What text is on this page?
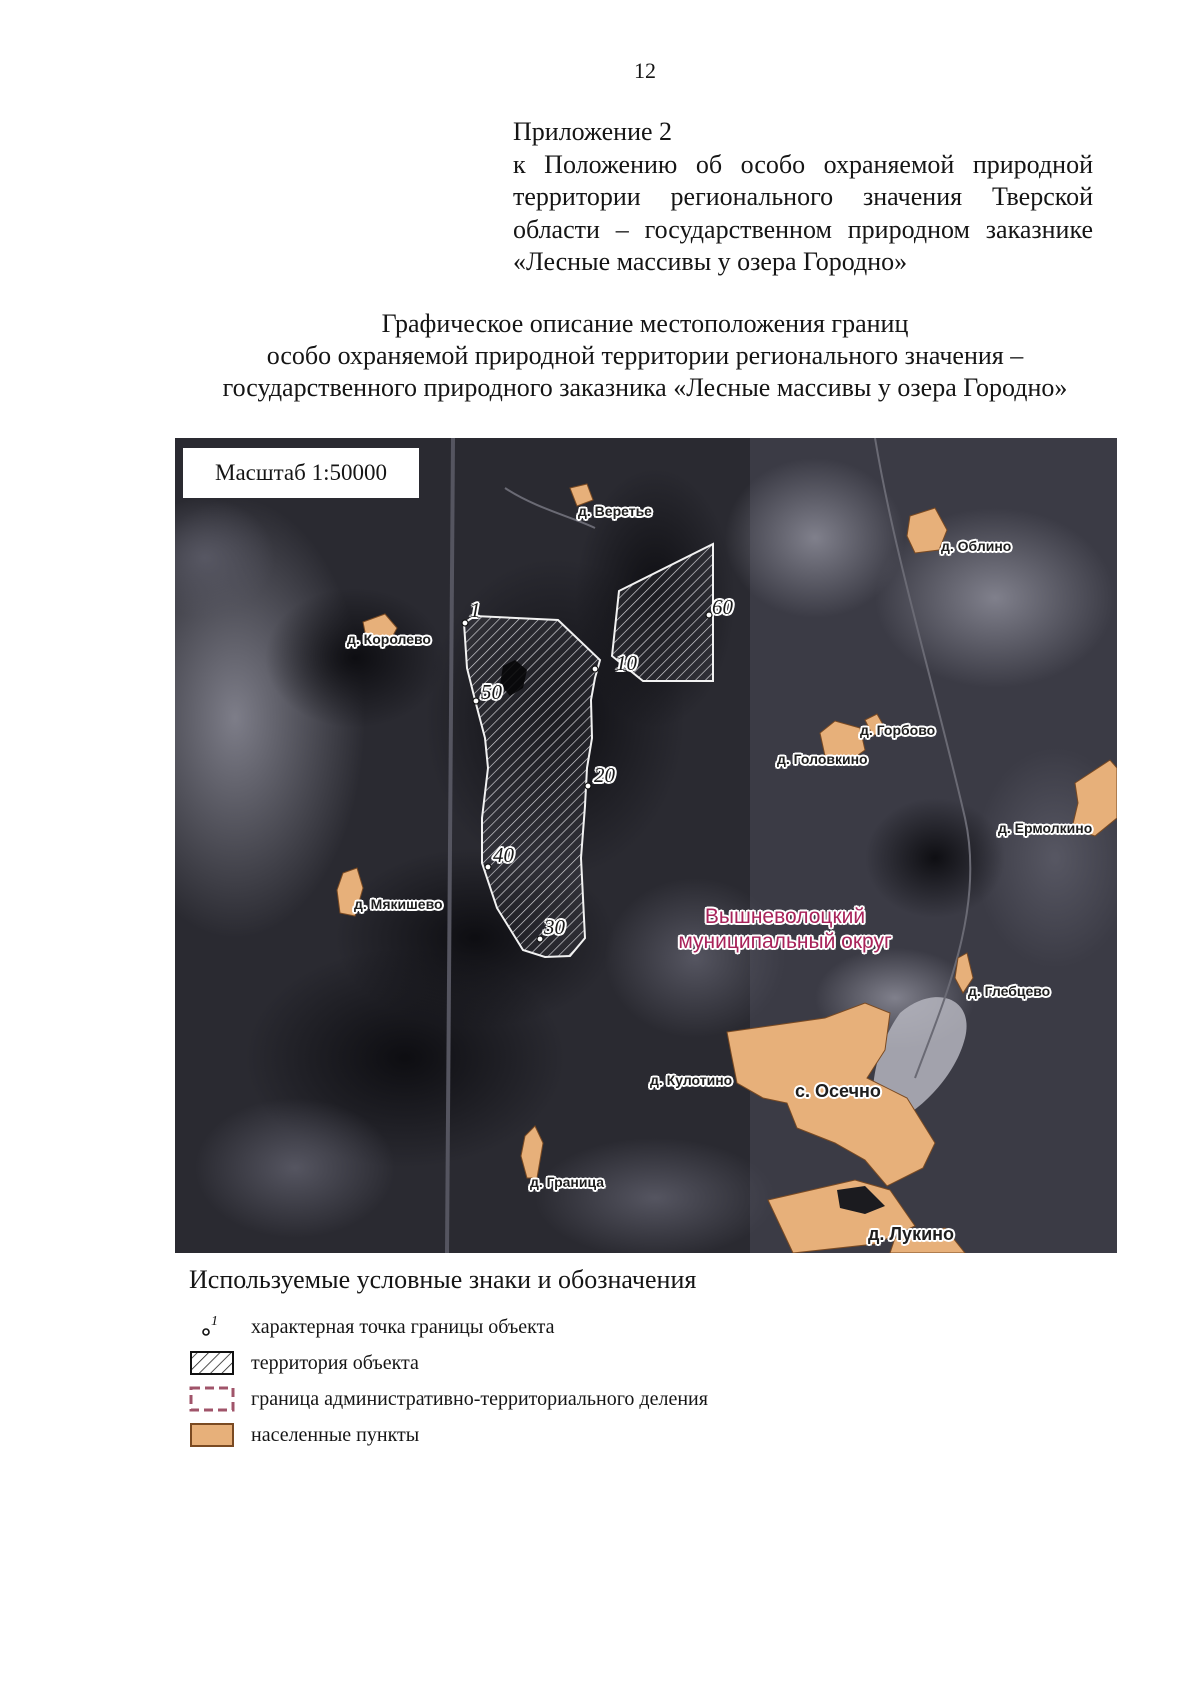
12
Приложение 2
к Положению об особо охраняемой природной территории регионального значения Тверской области – государственном природном заказнике «Лесные массивы у озера Городно»
Графическое описание местоположения границ
особо охраняемой природной территории регионального значения –
государственного природного заказника «Лесные массивы у озера Городно»
Масштаб 1:50000
д. Веретье
д. Облино
д. Королево
д. Горбово
д. Головкино
д. Ермолкино
д. Мякишево
д. Глебцево
д. Кулотино
с. Осечно
д. Граница
д. Лукино
Вышневолоцкий
муниципальный округ
1
10
50
60
20
40
30
Используемые условные знаки и обозначения
1 характерная точка границы объекта
территория объекта
граница административно-территориального деления
населенные пункты
